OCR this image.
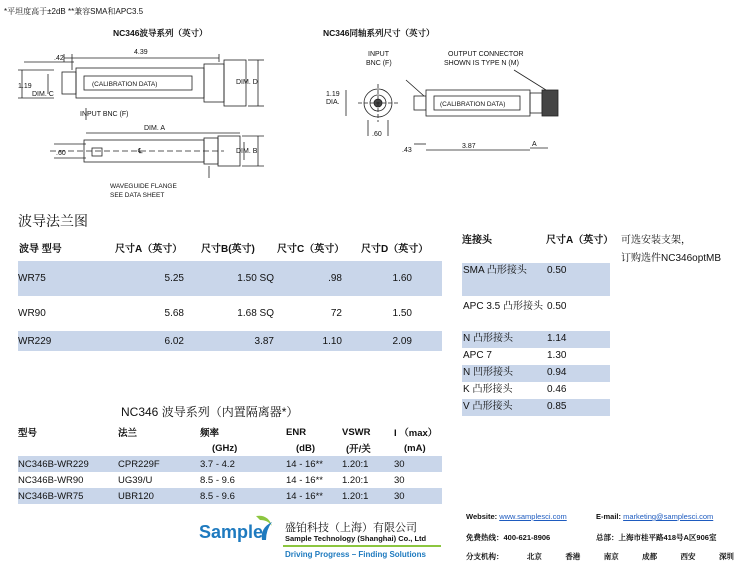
*平坦度高于±2dB **兼容SMA和APC3.5
NC346波导系列（英寸）	NC346同轴系列尺寸（英寸）
4.39
.42
1.19
DIM. C
(CALIBRATION DATA)	DIM. D
INPUT BNC (F)
DIM. A
.60	℄	DIM. B
WAVEGUIDE FLANGE
SEE DATA SHEET
INPUT
BNC (F)
OUTPUT CONNECTOR
SHOWN IS TYPE N (M)
1.19
DIA.	(CALIBRATION DATA)
.60
.43
3.87	A
波导法兰图
波导 型号	尺寸A（英寸）	尺寸B(英寸)	尺寸C（英寸）	尺寸D（英寸）
WR75	5.25	1.50 SQ	.98	1.60
WR90	5.68	1.68 SQ	72	1.50
WR229	6.02	3.87	1.10	2.09
连接头	尺寸A（英寸）
SMA 凸形接头	0.50
APC 3.5 凸形接头	0.50
N 凸形接头	1.14
APC 7	1.30
N 凹形接头	0.94
K 凸形接头	0.46
V 凸形接头	0.85
可选安装支架，
订购选件NC346optMB
NC346 波导系列（内置隔离器*）
型号	法兰	频率	ENR	VSWR	I （max）
		(GHz)	(dB)	(开/关	(mA)
NC346B-WR229	CPR229F	3.7 - 4.2	14 - 16**	1.20:1	30
NC346B-WR90	UG39/U	8.5 - 9.6	14 - 16**	1.20:1	30
NC346B-WR75	UBR120	8.5 - 9.6	14 - 16**	1.20:1	30
Sample 盛铂科技（上海）有限公司
Sample Technology (Shanghai) Co., Ltd
Driving Progress – Finding Solutions
Website: www.samplesci.com	E-mail: marketing@samplesci.com
免费热线：400-621-8906	总部：上海市桂平路418号A区906室
分支机构：	北京	香港	南京	成都	西安	深圳
